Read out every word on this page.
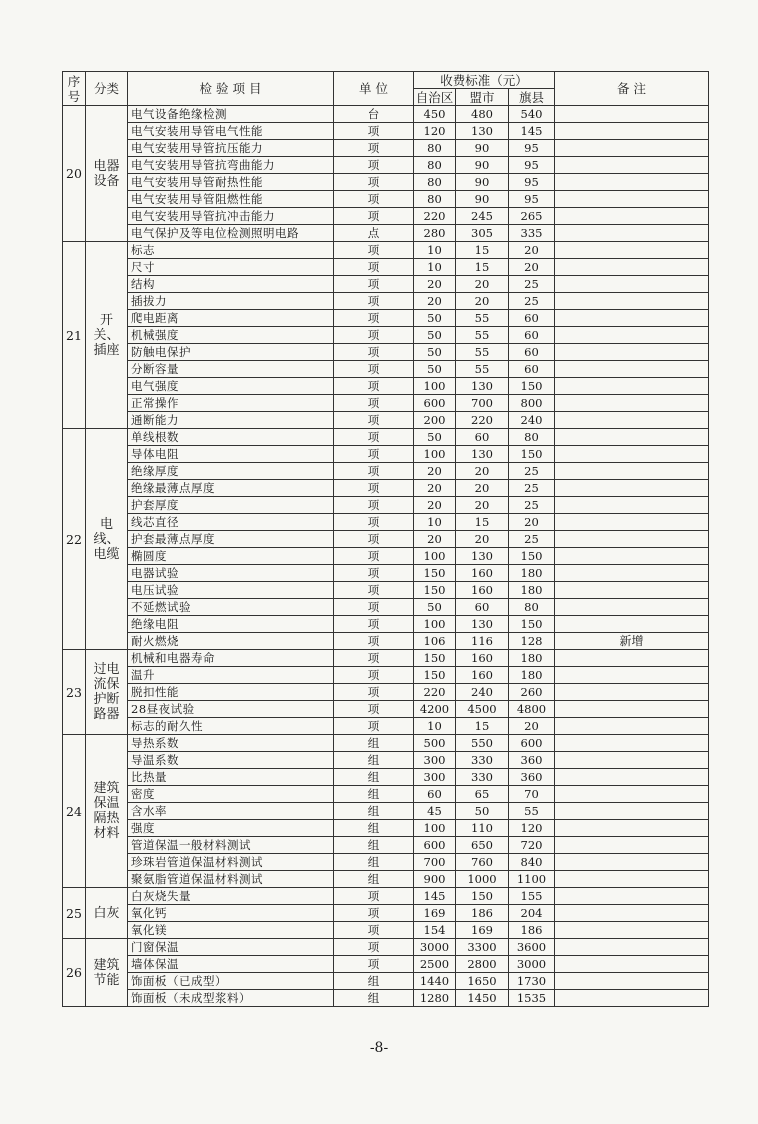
序号	分类	检 验 项 目	单 位	收费标准（元）			备 注
				自治区	盟市	旗县	
20	电器设备	电气设备绝缘检测	台	450	480	540	
		电气安装用导管电气性能	项	120	130	145	
		电气安装用导管抗压能力	项	80	90	95	
		电气安装用导管抗弯曲能力	项	80	90	95	
		电气安装用导管耐热性能	项	80	90	95	
		电气安装用导管阻燃性能	项	80	90	95	
		电气安装用导管抗冲击能力	项	220	245	265	
		电气保护及等电位检测照明电路	点	280	305	335	
21	开关、插座	标志	项	10	15	20	
		尺寸	项	10	15	20	
		结构	项	20	20	25	
		插拔力	项	20	20	25	
		爬电距离	项	50	55	60	
		机械强度	项	50	55	60	
		防触电保护	项	50	55	60	
		分断容量	项	50	55	60	
		电气强度	项	100	130	150	
		正常操作	项	600	700	800	
		通断能力	项	200	220	240	
22	电线、电缆	单线根数	项	50	60	80	
		导体电阻	项	100	130	150	
		绝缘厚度	项	20	20	25	
		绝缘最薄点厚度	项	20	20	25	
		护套厚度	项	20	20	25	
		线芯直径	项	10	15	20	
		护套最薄点厚度	项	20	20	25	
		椭圆度	项	100	130	150	
		电器试验	项	150	160	180	
		电压试验	项	150	160	180	
		不延燃试验	项	50	60	80	
		绝缘电阻	项	100	130	150	
		耐火燃烧	项	106	116	128	新增
23	过电流保护断路器	机械和电器寿命	项	150	160	180	
		温升	项	150	160	180	
		脱扣性能	项	220	240	260	
		28昼夜试验	项	4200	4500	4800	
		标志的耐久性	项	10	15	20	
24	建筑保温隔热材料	导热系数	组	500	550	600	
		导温系数	组	300	330	360	
		比热量	组	300	330	360	
		密度	组	60	65	70	
		含水率	组	45	50	55	
		强度	组	100	110	120	
		管道保温一般材料测试	组	600	650	720	
		珍珠岩管道保温材料测试	组	700	760	840	
		聚氨脂管道保温材料测试	组	900	1000	1100	
25	白灰	白灰烧失量	项	145	150	155	
		氧化钙	项	169	186	204	
		氧化镁	项	154	169	186	
26	建筑节能	门窗保温	项	3000	3300	3600	
		墙体保温	项	2500	2800	3000	
		饰面板（已成型）	组	1440	1650	1730	
		饰面板（未成型浆料）	组	1280	1450	1535	
-8-
